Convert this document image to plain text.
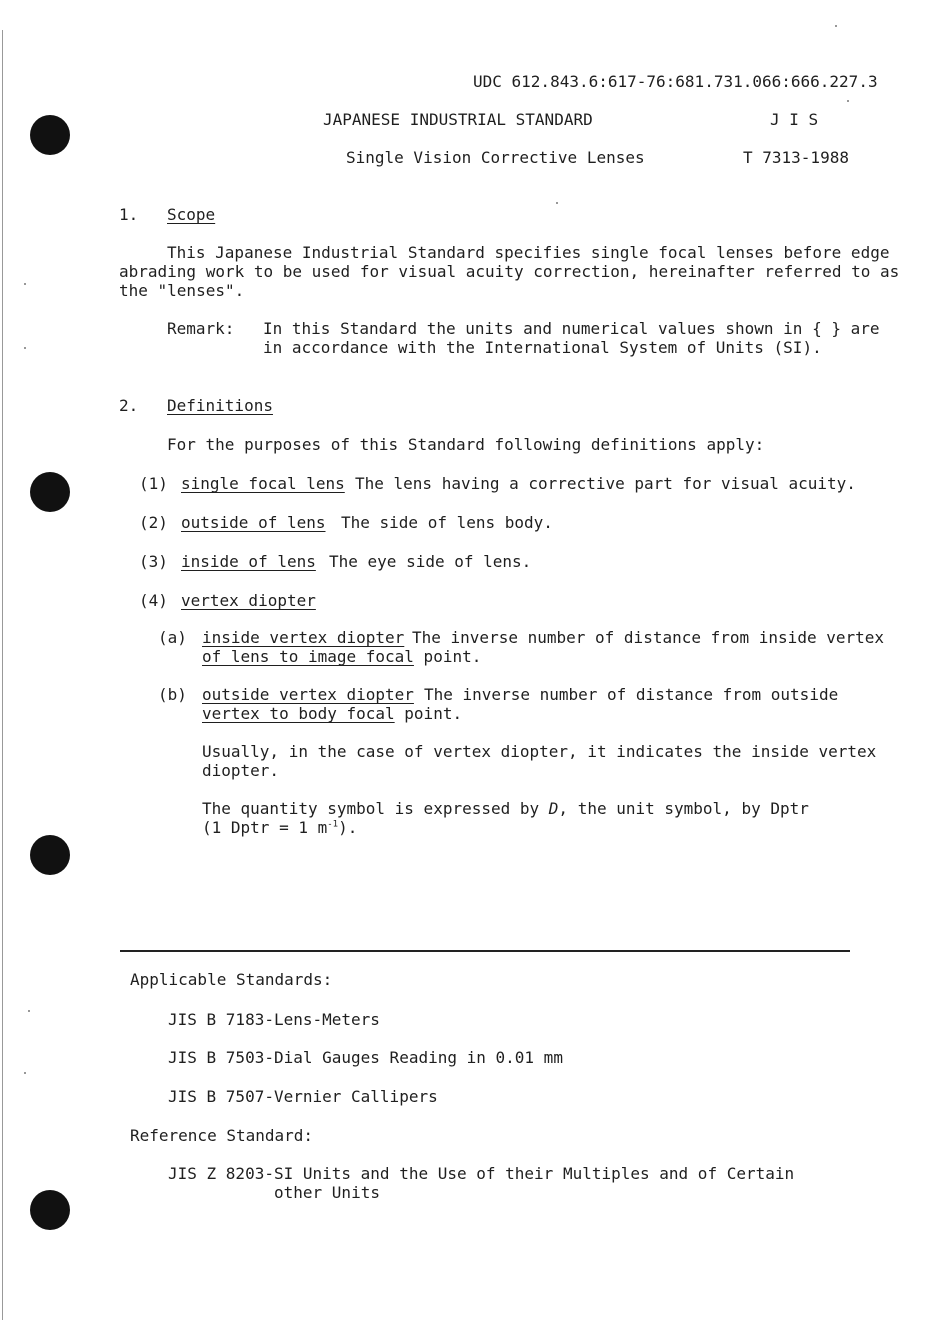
UDC 612.843.6:617-76:681.731.066:666.227.3
JAPANESE INDUSTRIAL STANDARD	J I S
Single Vision Corrective Lenses	T 7313-1988
1. Scope
This Japanese Industrial Standard specifies single focal lenses before edge
abrading work to be used for visual acuity correction, hereinafter referred to as
the "lenses".
Remark: In this Standard the units and numerical values shown in { } are
in accordance with the International System of Units (SI).
2. Definitions
For the purposes of this Standard following definitions apply:
(1) single focal lens The lens having a corrective part for visual acuity.
(2) outside of lens The side of lens body.
(3) inside of lens The eye side of lens.
(4) vertex diopter
(a) inside vertex diopter The inverse number of distance from inside vertex
of lens to image focal point.
(b) outside vertex diopter The inverse number of distance from outside
vertex to body focal point.
Usually, in the case of vertex diopter, it indicates the inside vertex
diopter.
The quantity symbol is expressed by D, the unit symbol, by Dptr
(1 Dptr = 1 $m^{-1}$).
Applicable Standards:
JIS B 7183-Lens-Meters
JIS B 7503-Dial Gauges Reading in 0.01 mm
JIS B 7507-Vernier Callipers
Reference Standard:
JIS Z 8203-SI Units and the Use of their Multiples and of Certain
other Units
